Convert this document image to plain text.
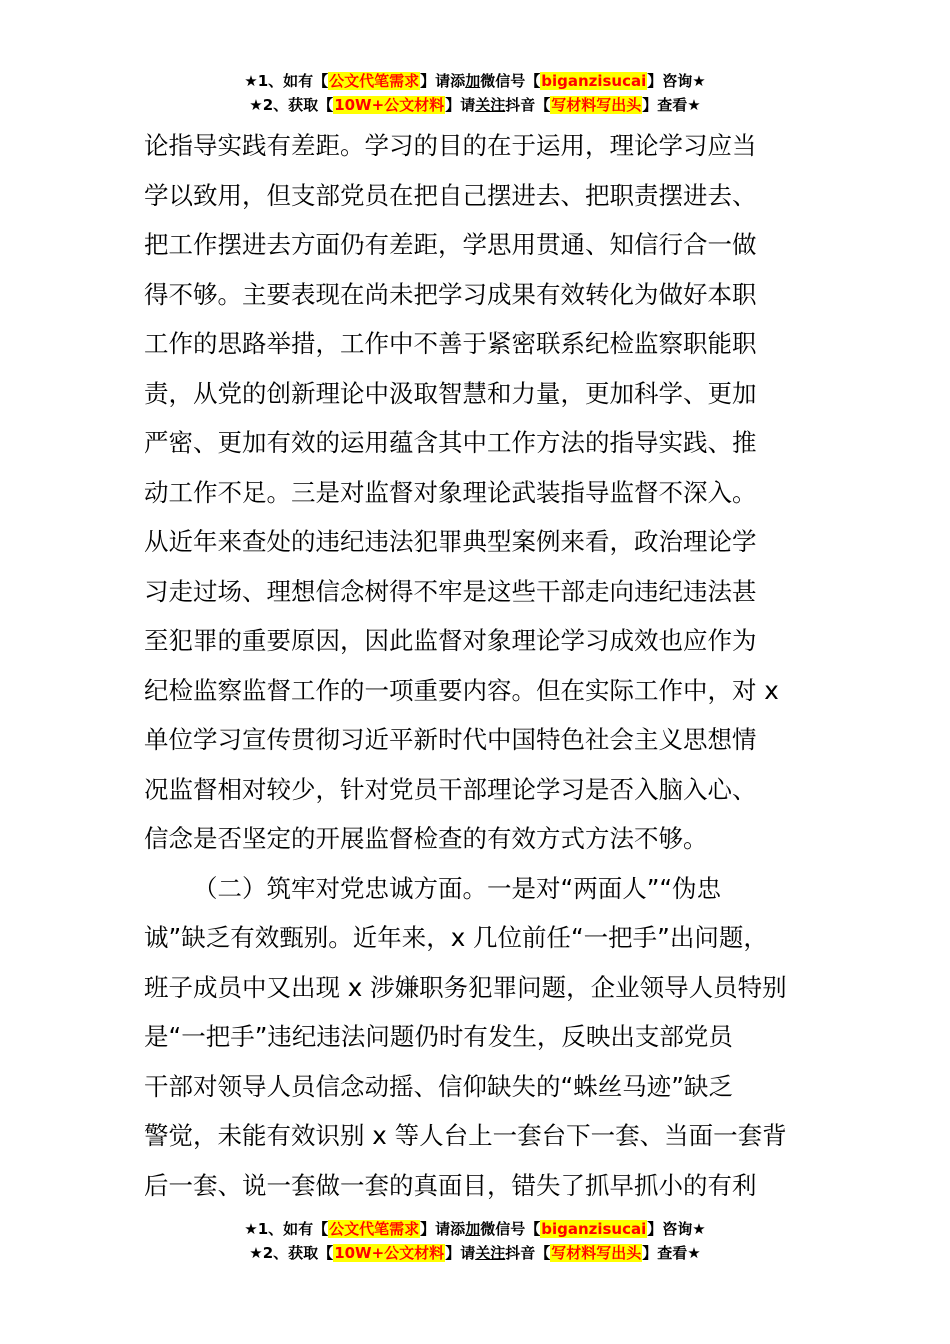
★1、如有【公文代笔需求】请添加微信号【biganzisucai】咨询★
★2、获取【10W+公文材料】请关注抖音【写材料写出头】查看★
论指导实践有差距。学习的目的在于运用，理论学习应当
学以致用，但支部党员在把自己摆进去、把职责摆进去、
把工作摆进去方面仍有差距，学思用贯通、知信行合一做
得不够。主要表现在尚未把学习成果有效转化为做好本职
工作的思路举措，工作中不善于紧密联系纪检监察职能职
责，从党的创新理论中汲取智慧和力量，更加科学、更加
严密、更加有效的运用蕴含其中工作方法的指导实践、推
动工作不足。三是对监督对象理论武装指导监督不深入。
从近年来查处的违纪违法犯罪典型案例来看，政治理论学
习走过场、理想信念树得不牢是这些干部走向违纪违法甚
至犯罪的重要原因，因此监督对象理论学习成效也应作为
纪检监察监督工作的一项重要内容。但在实际工作中，对 x
单位学习宣传贯彻习近平新时代中国特色社会主义思想情
况监督相对较少，针对党员干部理论学习是否入脑入心、
信念是否坚定的开展监督检查的有效方式方法不够。
（二）筑牢对党忠诚方面。一是对“两面人”“伪忠
诚”缺乏有效甄别。近年来，x 几位前任“一把手”出问题，
班子成员中又出现 x 涉嫌职务犯罪问题，企业领导人员特别
是“一把手”违纪违法问题仍时有发生，反映出支部党员
干部对领导人员信念动摇、信仰缺失的“蛛丝马迹”缺乏
警觉，未能有效识别 x 等人台上一套台下一套、当面一套背
后一套、说一套做一套的真面目，错失了抓早抓小的有利
★1、如有【公文代笔需求】请添加微信号【biganzisucai】咨询★
★2、获取【10W+公文材料】请关注抖音【写材料写出头】查看★
